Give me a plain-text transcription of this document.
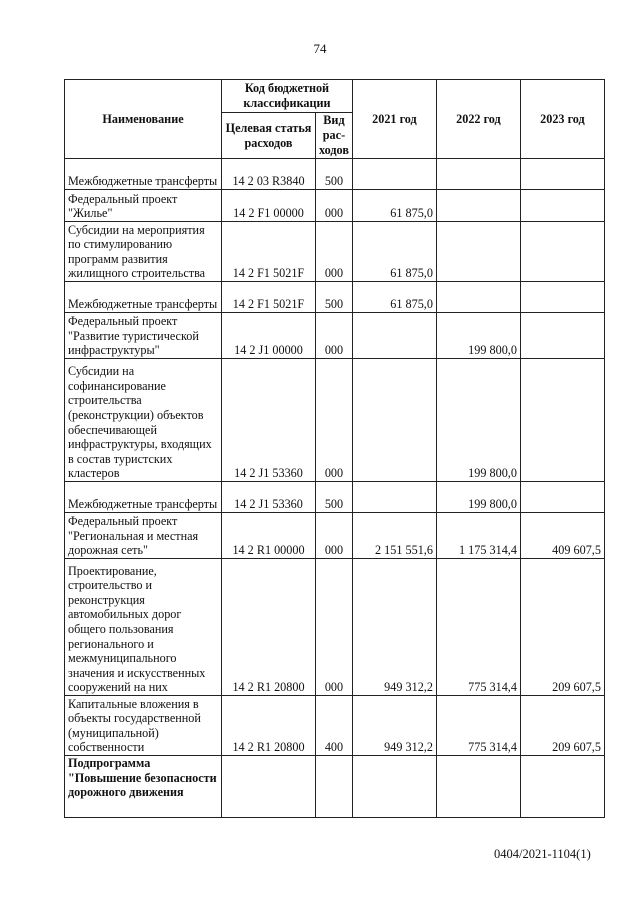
74
Наименование	Код бюджетной классификации		2021 год	2022 год	2023 год
	Целевая статья расходов	Вид рас-ходов			
Межбюджетные трансферты	14 2 03 R3840	500			
Федеральный проект "Жилье"	14 2 F1 00000	000	61 875,0		
Субсидии на мероприятия по стимулированию программ развития жилищного строительства	14 2 F1 5021F	000	61 875,0		
Межбюджетные трансферты	14 2 F1 5021F	500	61 875,0		
Федеральный проект "Развитие туристической инфраструктуры"	14 2 J1 00000	000		199 800,0	
Субсидии на софинансирование строительства (реконструкции) объектов обеспечивающей инфраструктуры, входящих в состав туристских кластеров	14 2 J1 53360	000		199 800,0	
Межбюджетные трансферты	14 2 J1 53360	500		199 800,0	
Федеральный проект "Региональная и местная дорожная сеть"	14 2 R1 00000	000	2 151 551,6	1 175 314,4	409 607,5
Проектирование, строительство и реконструкция автомобильных дорог общего пользования регионального и межмуниципального значения и искусственных сооружений на них	14 2 R1 20800	000	949 312,2	775 314,4	209 607,5
Капитальные вложения в объекты государственной (муниципальной) собственности	14 2 R1 20800	400	949 312,2	775 314,4	209 607,5
Подпрограмма "Повышение безопасности дорожного движения					
0404/2021-1104(1)
